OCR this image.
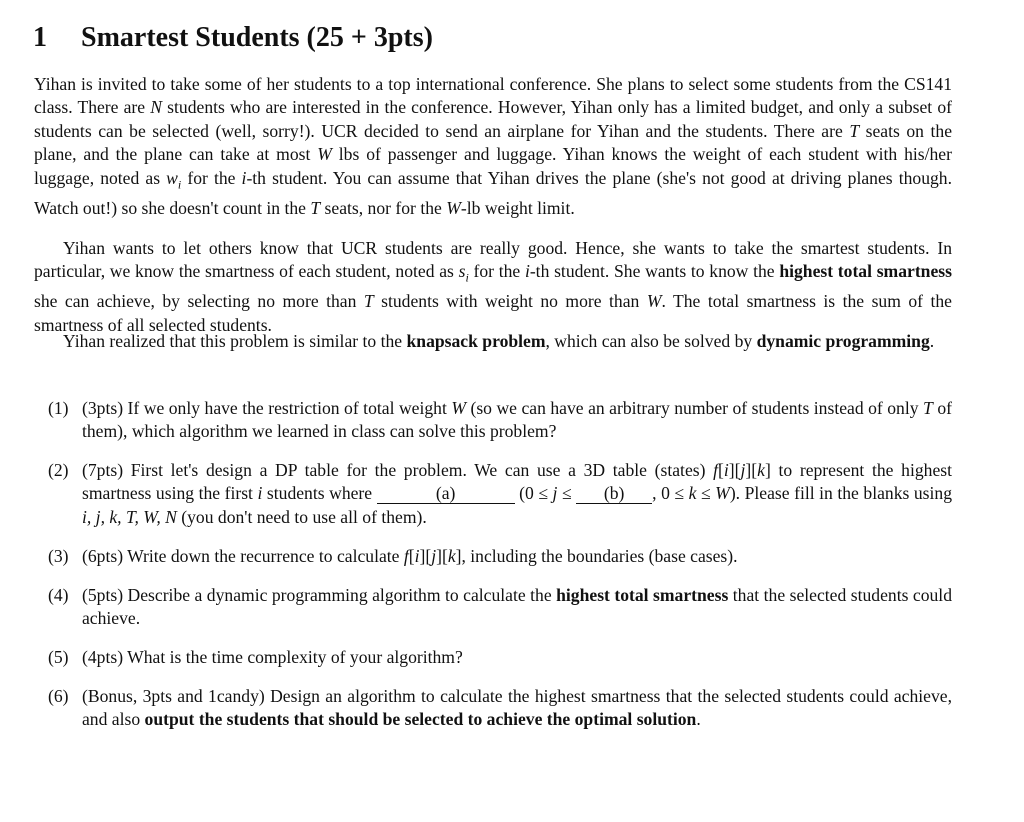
1 Smartest Students (25 + 3pts)

Yihan is invited to take some of her students to a top international conference. She plans to select some students from the CS141 class. There are N students who are interested in the conference. However, Yihan only has a limited budget, and only a subset of students can be selected (well, sorry!). UCR decided to send an airplane for Yihan and the students. There are T seats on the plane, and the plane can take at most W lbs of passenger and luggage. Yihan knows the weight of each student with his/her luggage, noted as $w_i$ for the i-th student. You can assume that Yihan drives the plane (she's not good at driving planes though. Watch out!) so she doesn't count in the T seats, nor for the W-lb weight limit.

Yihan wants to let others know that UCR students are really good. Hence, she wants to take the smartest students. In particular, we know the smartness of each student, noted as $s_i$ for the i-th student. She wants to know the highest total smartness she can achieve, by selecting no more than T students with weight no more than W. The total smartness is the sum of the smartness of all selected students.

Yihan realized that this problem is similar to the knapsack problem, which can also be solved by dynamic programming.

(1) (3pts) If we only have the restriction of total weight W (so we can have an arbitrary number of students instead of only T of them), which algorithm we learned in class can solve this problem?
(2) (7pts) First let's design a DP table for the problem. We can use a 3D table (states) f[i][j][k] to represent the highest smartness using the first i students where	(a)	(0 ≤ j ≤ (b) , 0 ≤ k ≤ W). Please fill in the blanks using i, j, k, T, W, N (you don't need to use all of them).
(3) (6pts) Write down the recurrence to calculate f[i][j][k], including the boundaries (base cases).
(4) (5pts) Describe a dynamic programming algorithm to calculate the highest total smartness that the selected students could achieve.
(5) (4pts) What is the time complexity of your algorithm?
(6) (Bonus, 3pts and 1candy) Design an algorithm to calculate the highest smartness that the selected students could achieve, and also output the students that should be selected to achieve the optimal solution.
